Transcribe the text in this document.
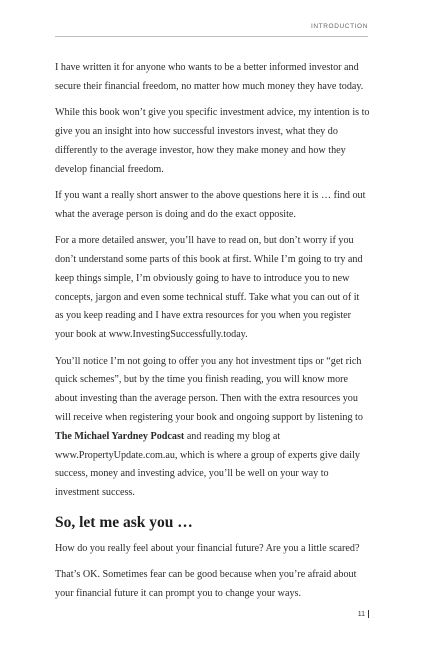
INTRODUCTION

I have written it for anyone who wants to be a better informed investor and secure their financial freedom, no matter how much money they have today.

While this book won’t give you specific investment advice, my intention is to give you an insight into how successful investors invest, what they do differently to the average investor, how they make money and how they develop financial freedom.

If you want a really short answer to the above questions here it is … find out what the average person is doing and do the exact opposite.

For a more detailed answer, you’ll have to read on, but don’t worry if you don’t understand some parts of this book at first. While I’m going to try and keep things simple, I’m obviously going to have to introduce you to new concepts, jargon and even some technical stuff. Take what you can out of it as you keep reading and I have extra resources for you when you register your book at www.InvestingSuccessfully.today.

You’ll notice I’m not going to offer you any hot investment tips or “get rich quick schemes”, but by the time you finish reading, you will know more about investing than the average person. Then with the extra resources you will receive when registering your book and ongoing support by listening to The Michael Yardney Podcast and reading my blog at www.PropertyUpdate.com.au, which is where a group of experts give daily success, money and investing advice, you’ll be well on your way to investment success.

So, let me ask you …

How do you really feel about your financial future? Are you a little scared?

That’s OK. Sometimes fear can be good because when you’re afraid about your financial future it can prompt you to change your ways.

11
